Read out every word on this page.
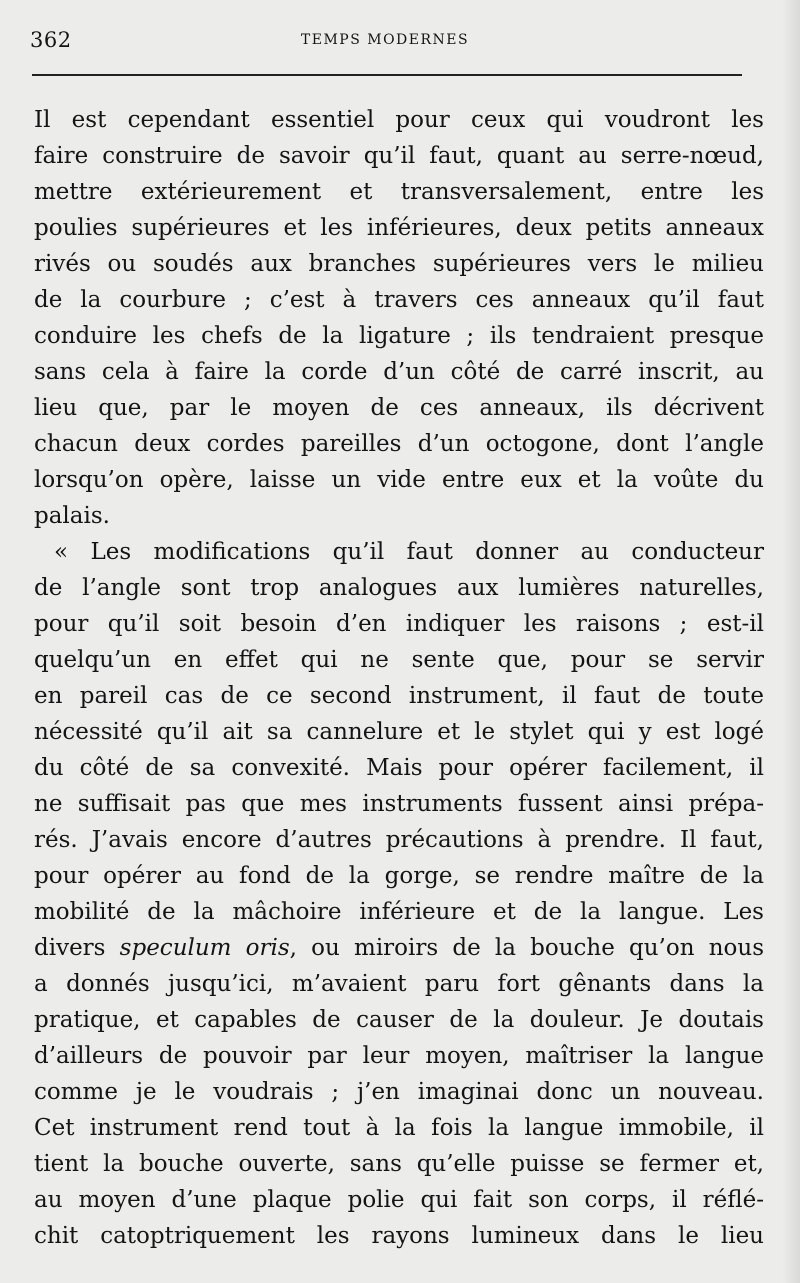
362	TEMPS MODERNES
Il est cependant essentiel pour ceux qui voudront les
faire construire de savoir qu’il faut, quant au serre-nœud,
mettre extérieurement et transversalement, entre les
poulies supérieures et les inférieures, deux petits anneaux
rivés ou soudés aux branches supérieures vers le milieu
de la courbure ; c’est à travers ces anneaux qu’il faut
conduire les chefs de la ligature ; ils tendraient presque
sans cela à faire la corde d’un côté de carré inscrit, au
lieu que, par le moyen de ces anneaux, ils décrivent
chacun deux cordes pareilles d’un octogone, dont l’angle
lorsqu’on opère, laisse un vide entre eux et la voûte du
palais.
« Les modifications qu’il faut donner au conducteur
de l’angle sont trop analogues aux lumières naturelles,
pour qu’il soit besoin d’en indiquer les raisons ; est-il
quelqu’un en effet qui ne sente que, pour se servir
en pareil cas de ce second instrument, il faut de toute
nécessité qu’il ait sa cannelure et le stylet qui y est logé
du côté de sa convexité. Mais pour opérer facilement, il
ne suffisait pas que mes instruments fussent ainsi prépa-
rés. J’avais encore d’autres précautions à prendre. Il faut,
pour opérer au fond de la gorge, se rendre maître de la
mobilité de la mâchoire inférieure et de la langue. Les
divers speculum oris, ou miroirs de la bouche qu’on nous
a donnés jusqu’ici, m’avaient paru fort gênants dans la
pratique, et capables de causer de la douleur. Je doutais
d’ailleurs de pouvoir par leur moyen, maîtriser la langue
comme je le voudrais ; j’en imaginai donc un nouveau.
Cet instrument rend tout à la fois la langue immobile, il
tient la bouche ouverte, sans qu’elle puisse se fermer et,
au moyen d’une plaque polie qui fait son corps, il réflé-
chit catoptriquement les rayons lumineux dans le lieu
